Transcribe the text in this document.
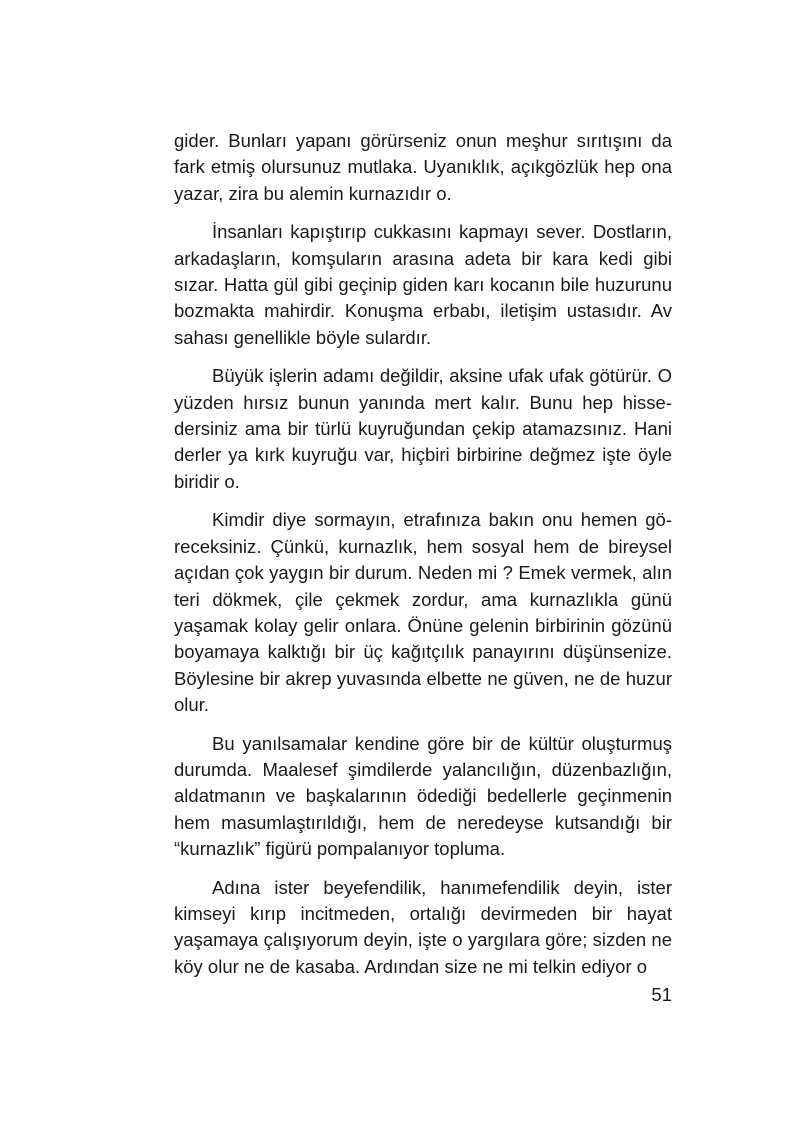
gider. Bunları yapanı görürseniz onun meşhur sırıtışını da fark etmiş olursunuz mutlaka. Uyanıklık, açıkgözlük hep ona yazar, zira bu alemin kurnazıdır o.

İnsanları kapıştırıp cukkasını kapmayı sever. Dostların, arkadaşların, komşuların arasına adeta bir kara kedi gibi sızar. Hatta gül gibi geçinip giden karı kocanın bile huzurunu bozmakta mahirdir. Konuşma erbabı, iletişim ustasıdır. Av sahası genellikle böyle sulardır.

Büyük işlerin adamı değildir, aksine ufak ufak götürür. O yüzden hırsız bunun yanında mert kalır. Bunu hep hissedersiniz ama bir türlü kuyruğundan çekip atamazsınız. Hani derler ya kırk kuyruğu var, hiçbiri birbirine değmez işte öyle biridir o.

Kimdir diye sormayın, etrafınıza bakın onu hemen göreceksiniz. Çünkü, kurnazlık, hem sosyal hem de bireysel açıdan çok yaygın bir durum. Neden mi ? Emek vermek, alın teri dökmek, çile çekmek zordur, ama kurnazlıkla günü yaşamak kolay gelir onlara. Önüne gelenin birbirinin gözünü boyamaya kalktığı bir üç kağıtçılık panayırını düşünsenize. Böylesine bir akrep yuvasında elbette ne güven, ne de huzur olur.

Bu yanılsamalar kendine göre bir de kültür oluşturmuş durumda. Maalesef şimdilerde yalancılığın, düzenbazlığın, aldatmanın ve başkalarının ödediği bedellerle geçinmenin hem masumlaştırıldığı, hem de neredeyse kutsandığı bir “kurnazlık” figürü pompalanıyor topluma.

Adına ister beyefendilik, hanımefendilik deyin, ister kimseyi kırıp incitmeden, ortalığı devirmeden bir hayat yaşamaya çalışıyorum deyin, işte o yargılara göre; sizden ne köy olur ne de kasaba. Ardından size ne mi telkin ediyor o

51
